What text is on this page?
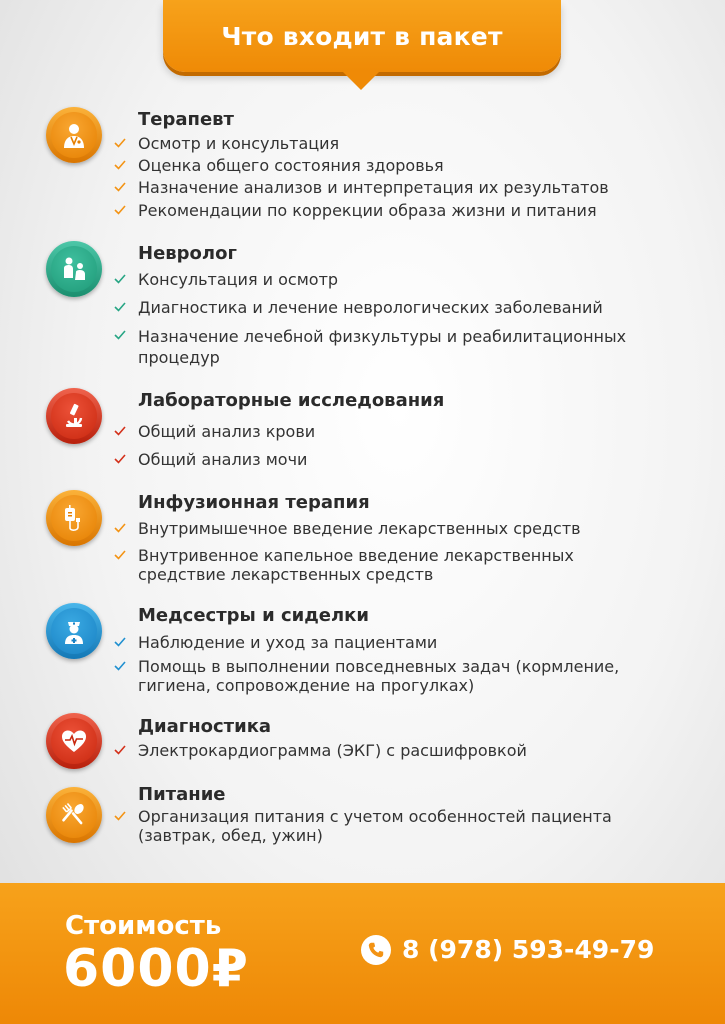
Что входит в пакет
Терапевт
Осмотр и консультация
Оценка общего состояния здоровья
Назначение анализов и интерпретация их результатов
Рекомендации по коррекции образа жизни и питания
Невролог
Консультация и осмотр
Диагностика и лечение неврологических заболеваний
Назначение лечебной физкультуры и реабилитационных процедур
Лабораторные исследования
Общий анализ крови
Общий анализ мочи
Инфузионная терапия
Внутримышечное введение лекарственных средств
Внутривенное капельное введение лекарственных средствие лекарственных средств
Медсестры и сиделки
Наблюдение и уход за пациентами
Помощь в выполнении повседневных задач (кормление, гигиена, сопровождение на прогулках)
Диагностика
Электрокардиограмма (ЭКГ) с расшифровкой
Питание
Организация питания с учетом особенностей пациента (завтрак, обед, ужин)
Стоимость
6000₽	8 (978) 593-49-79
